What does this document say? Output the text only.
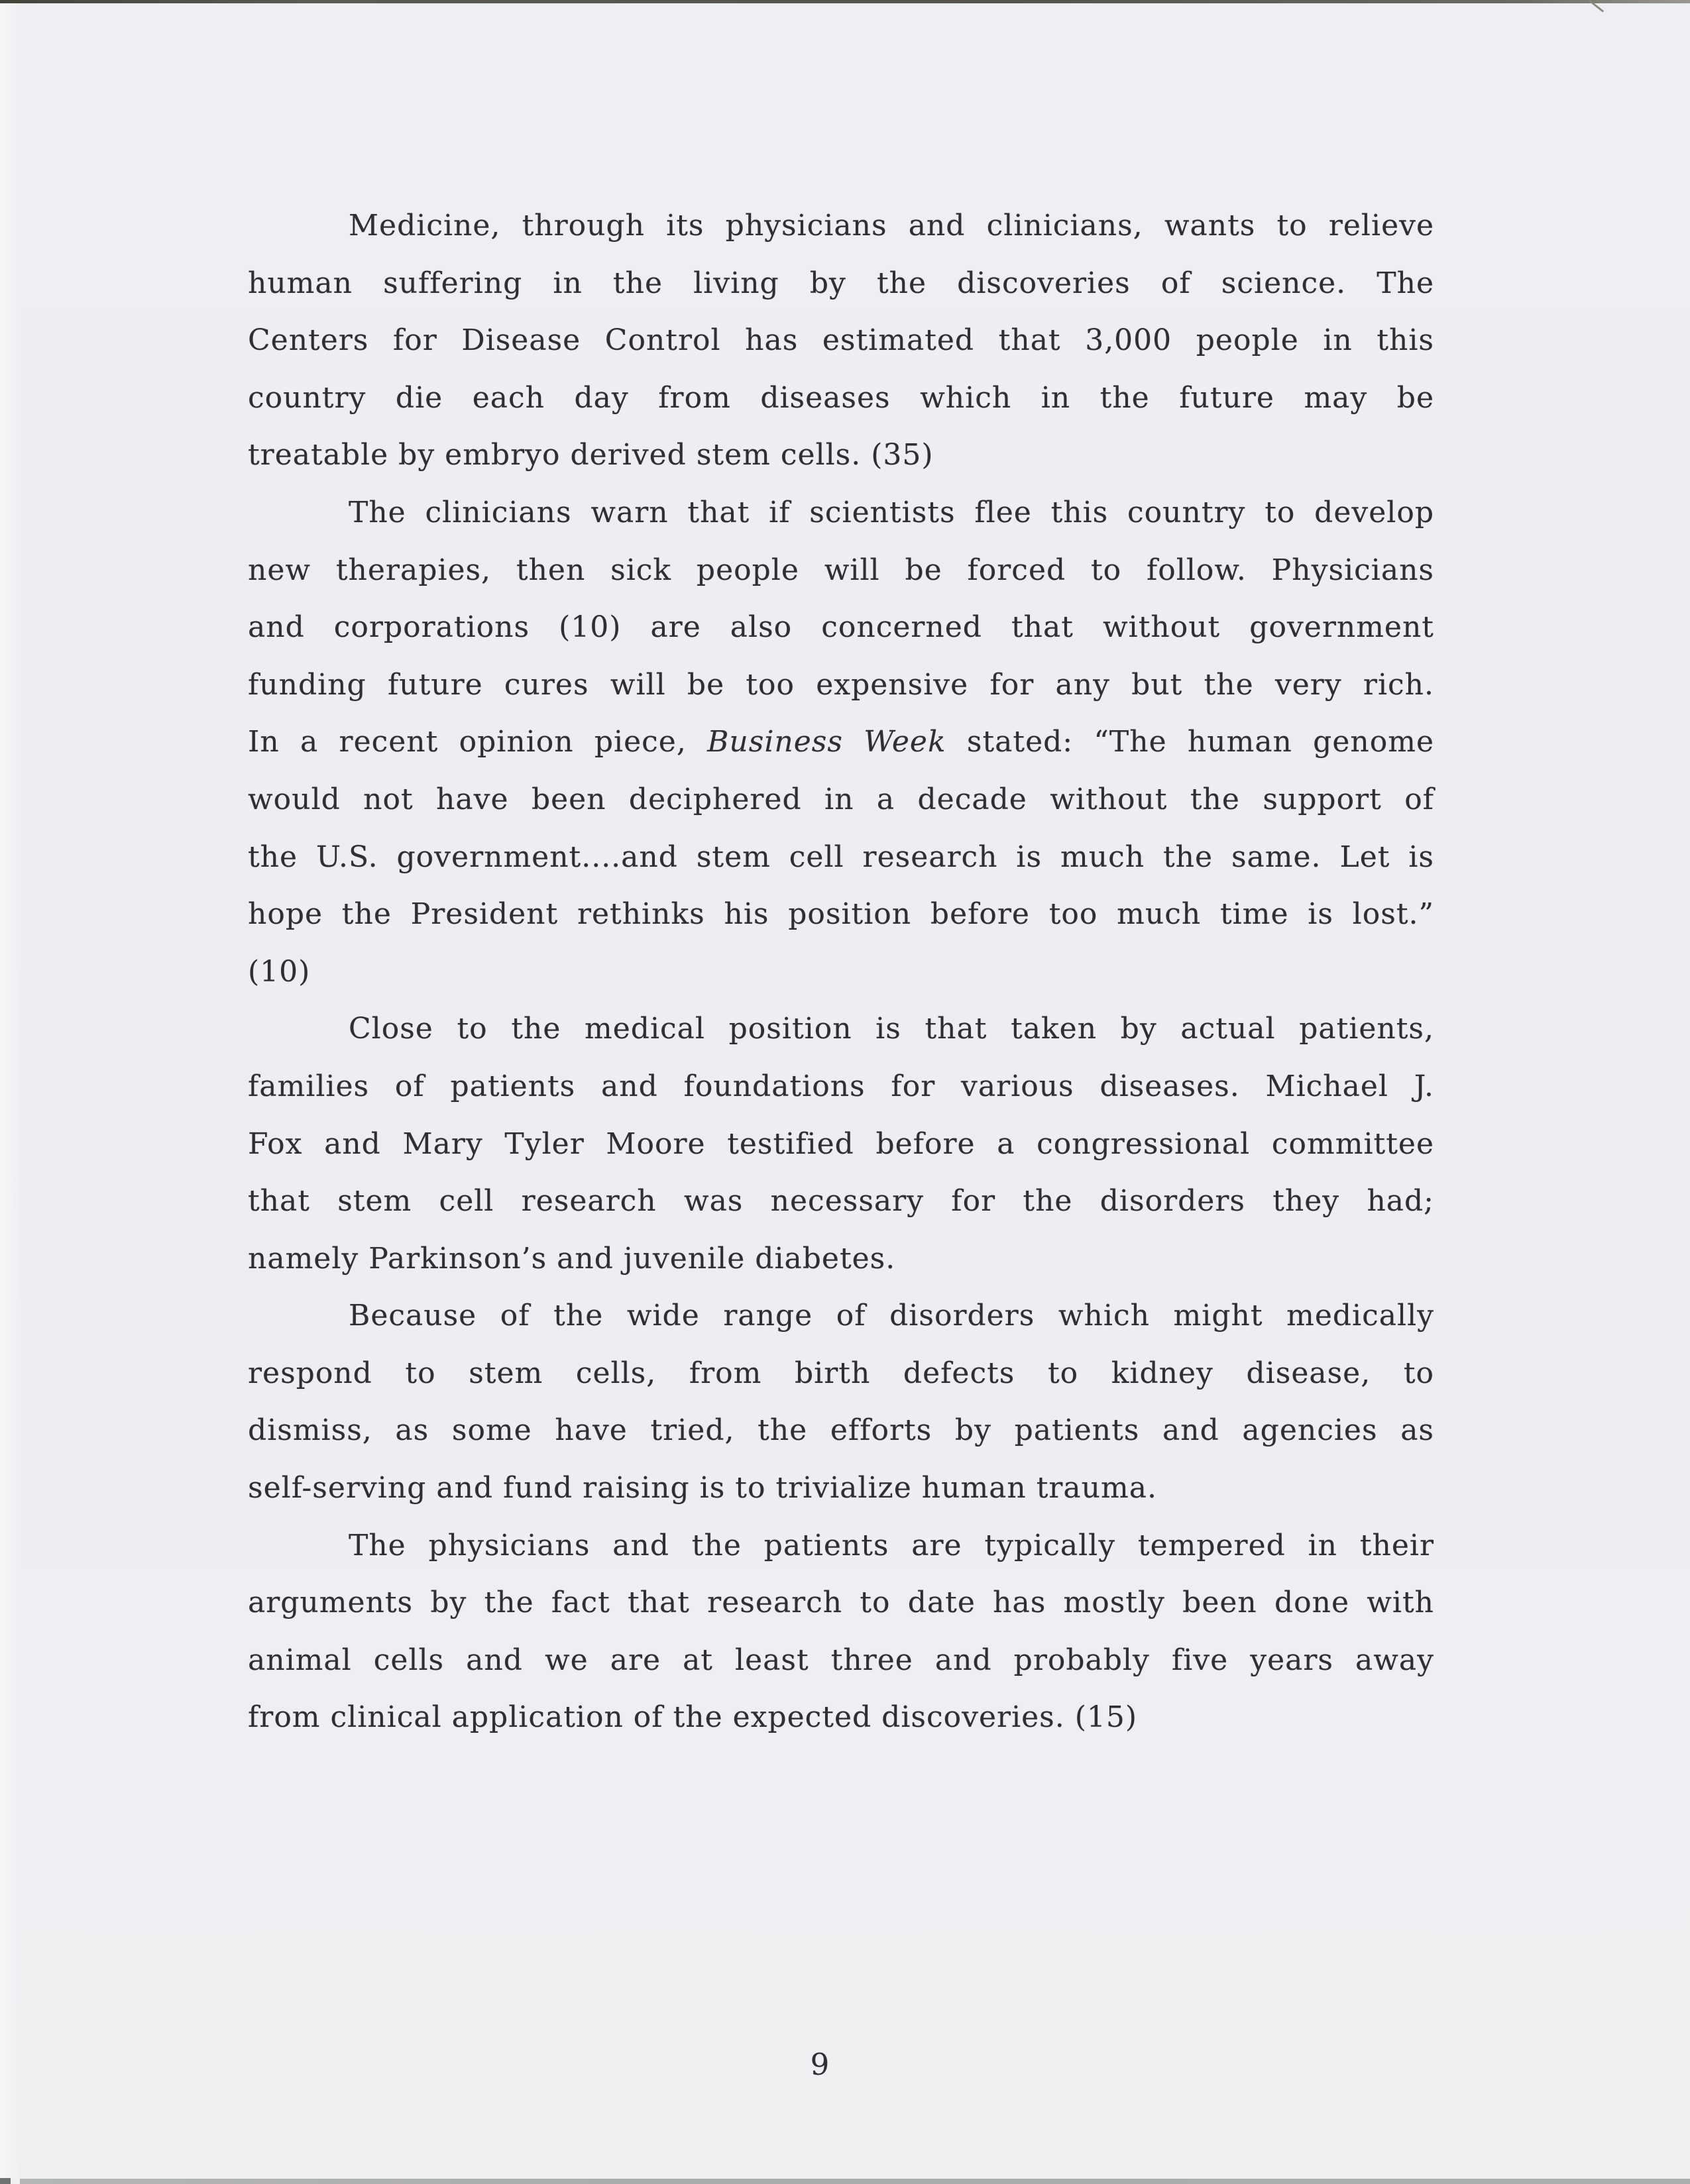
Medicine, through its physicians and clinicians, wants to relieve
human suffering in the living by the discoveries of science. The
Centers for Disease Control has estimated that 3,000 people in this
country die each day from diseases which in the future may be
treatable by embryo derived stem cells. (35)
The clinicians warn that if scientists flee this country to develop
new therapies, then sick people will be forced to follow. Physicians
and corporations (10) are also concerned that without government
funding future cures will be too expensive for any but the very rich.
In a recent opinion piece, Business Week stated: “The human genome
would not have been deciphered in a decade without the support of
the U.S. government....and stem cell research is much the same. Let is
hope the President rethinks his position before too much time is lost.”
(10)
Close to the medical position is that taken by actual patients,
families of patients and foundations for various diseases. Michael J.
Fox and Mary Tyler Moore testified before a congressional committee
that stem cell research was necessary for the disorders they had;
namely Parkinson’s and juvenile diabetes.
Because of the wide range of disorders which might medically
respond to stem cells, from birth defects to kidney disease, to
dismiss, as some have tried, the efforts by patients and agencies as
self-serving and fund raising is to trivialize human trauma.
The physicians and the patients are typically tempered in their
arguments by the fact that research to date has mostly been done with
animal cells and we are at least three and probably five years away
from clinical application of the expected discoveries. (15)
9
